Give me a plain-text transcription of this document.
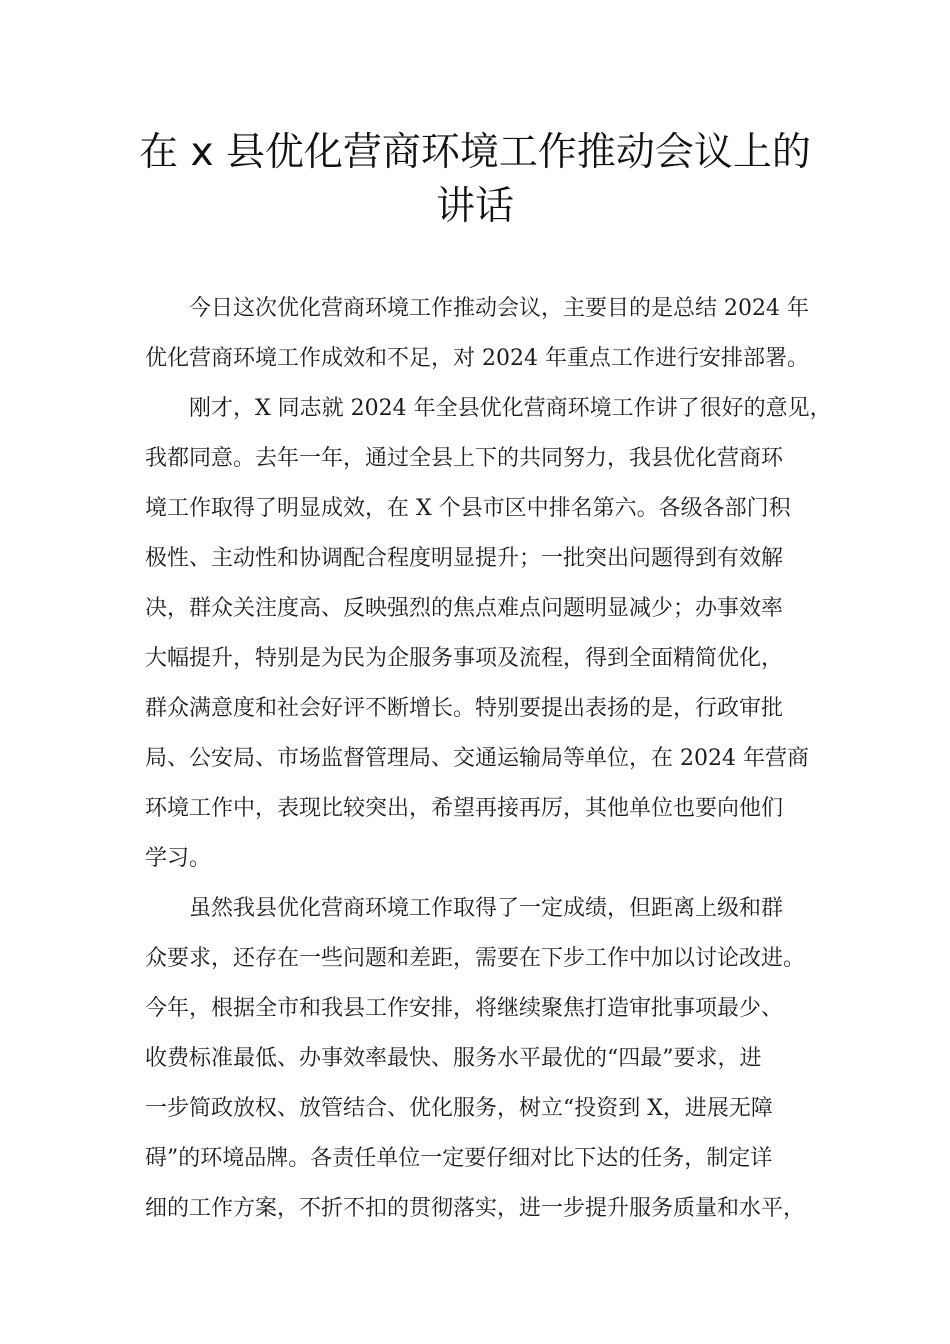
在 x 县优化营商环境工作推动会议上的
讲话

今日这次优化营商环境工作推动会议，主要目的是总结 2024 年
优化营商环境工作成效和不足，对 2024 年重点工作进行安排部署。

刚才，X 同志就 2024 年全县优化营商环境工作讲了很好的意见，
我都同意。去年一年，通过全县上下的共同努力，我县优化营商环
境工作取得了明显成效，在 X 个县市区中排名第六。各级各部门积
极性、主动性和协调配合程度明显提升；一批突出问题得到有效解
决，群众关注度高、反映强烈的焦点难点问题明显减少；办事效率
大幅提升，特别是为民为企服务事项及流程，得到全面精简优化，
群众满意度和社会好评不断增长。特别要提出表扬的是，行政审批
局、公安局、市场监督管理局、交通运输局等单位，在 2024 年营商
环境工作中，表现比较突出，希望再接再厉，其他单位也要向他们
学习。

虽然我县优化营商环境工作取得了一定成绩，但距离上级和群
众要求，还存在一些问题和差距，需要在下步工作中加以讨论改进。
今年，根据全市和我县工作安排，将继续聚焦打造审批事项最少、
收费标准最低、办事效率最快、服务水平最优的“四最”要求，进
一步简政放权、放管结合、优化服务，树立“投资到 X，进展无障
碍”的环境品牌。各责任单位一定要仔细对比下达的任务，制定详
细的工作方案，不折不扣的贯彻落实，进一步提升服务质量和水平，
